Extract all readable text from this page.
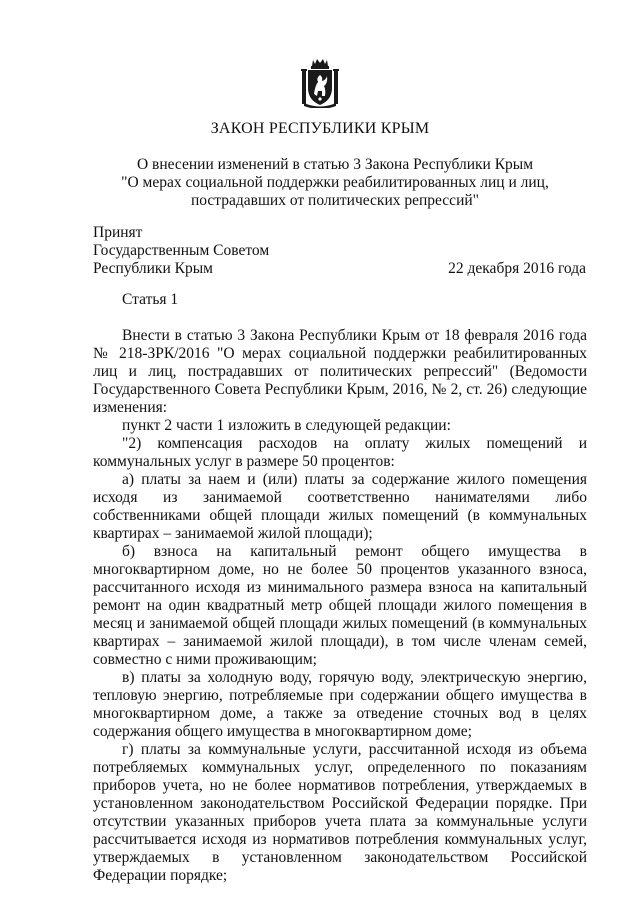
ЗАКОН РЕСПУБЛИКИ КРЫМ
О внесении изменений в статью 3 Закона Республики Крым
"О мерах социальной поддержки реабилитированных лиц и лиц,
пострадавших от политических репрессий"
Принят
Государственным Советом
Республики Крым	22 декабря 2016 года
Статья 1

Внести в статью 3 Закона Республики Крым от 18 февраля 2016 года № 218-ЗРК/2016 "О мерах социальной поддержки реабилитированных лиц и лиц, пострадавших от политических репрессий" (Ведомости Государственного Совета Республики Крым, 2016, № 2, ст. 26) следующие изменения:

пункт 2 части 1 изложить в следующей редакции:

"2) компенсация расходов на оплату жилых помещений и коммунальных услуг в размере 50 процентов:

а) платы за наем и (или) платы за содержание жилого помещения исходя из занимаемой соответственно нанимателями либо собственниками общей площади жилых помещений (в коммунальных квартирах – занимаемой жилой площади);

б) взноса на капитальный ремонт общего имущества в многоквартирном доме, но не более 50 процентов указанного взноса, рассчитанного исходя из минимального размера взноса на капитальный ремонт на один квадратный метр общей площади жилого помещения в месяц и занимаемой общей площади жилых помещений (в коммунальных квартирах – занимаемой жилой площади), в том числе членам семей, совместно с ними проживающим;

в) платы за холодную воду, горячую воду, электрическую энергию, тепловую энергию, потребляемые при содержании общего имущества в многоквартирном доме, а также за отведение сточных вод в целях содержания общего имущества в многоквартирном доме;

г) платы за коммунальные услуги, рассчитанной исходя из объема потребляемых коммунальных услуг, определенного по показаниям приборов учета, но не более нормативов потребления, утверждаемых в установленном законодательством Российской Федерации порядке. При отсутствии указанных приборов учета плата за коммунальные услуги рассчитывается исходя из нормативов потребления коммунальных услуг, утверждаемых в установленном законодательством Российской Федерации порядке;
